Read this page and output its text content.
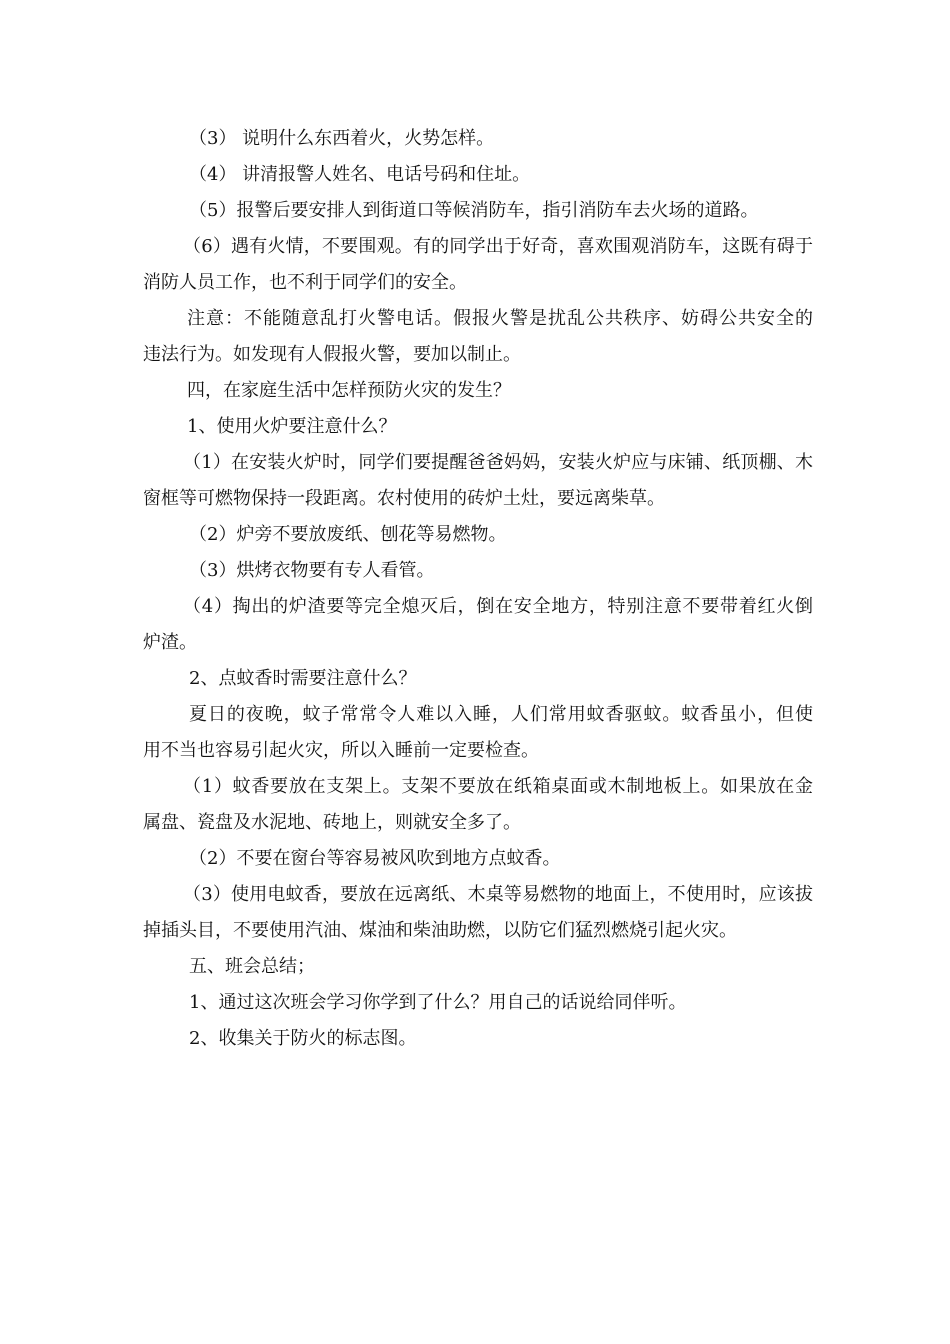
（3） 说明什么东西着火，火势怎样。
（4） 讲清报警人姓名、电话号码和住址。
（5）报警后要安排人到街道口等候消防车，指引消防车去火场的道路。
（6）遇有火情，不要围观。有的同学出于好奇，喜欢围观消防车，这既有碍于
消防人员工作，也不利于同学们的安全。
注意：不能随意乱打火警电话。假报火警是扰乱公共秩序、妨碍公共安全的
违法行为。如发现有人假报火警，要加以制止。
四，在家庭生活中怎样预防火灾的发生？
1、使用火炉要注意什么？
（1）在安装火炉时，同学们要提醒爸爸妈妈，安装火炉应与床铺、纸顶棚、木
窗框等可燃物保持一段距离。农村使用的砖炉土灶，要远离柴草。
（2）炉旁不要放废纸、刨花等易燃物。
（3）烘烤衣物要有专人看管。
（4）掏出的炉渣要等完全熄灭后，倒在安全地方，特别注意不要带着红火倒
炉渣。
2、点蚊香时需要注意什么？
夏日的夜晚，蚊子常常令人难以入睡，人们常用蚊香驱蚊。蚊香虽小，但使
用不当也容易引起火灾，所以入睡前一定要检查。
（1）蚊香要放在支架上。支架不要放在纸箱桌面或木制地板上。如果放在金
属盘、瓷盘及水泥地、砖地上，则就安全多了。
（2）不要在窗台等容易被风吹到地方点蚊香。
（3）使用电蚊香，要放在远离纸、木桌等易燃物的地面上，不使用时，应该拔
掉插头目，不要使用汽油、煤油和柴油助燃，以防它们猛烈燃烧引起火灾。
五、班会总结；
1、通过这次班会学习你学到了什么？用自己的话说给同伴听。
2、收集关于防火的标志图。
